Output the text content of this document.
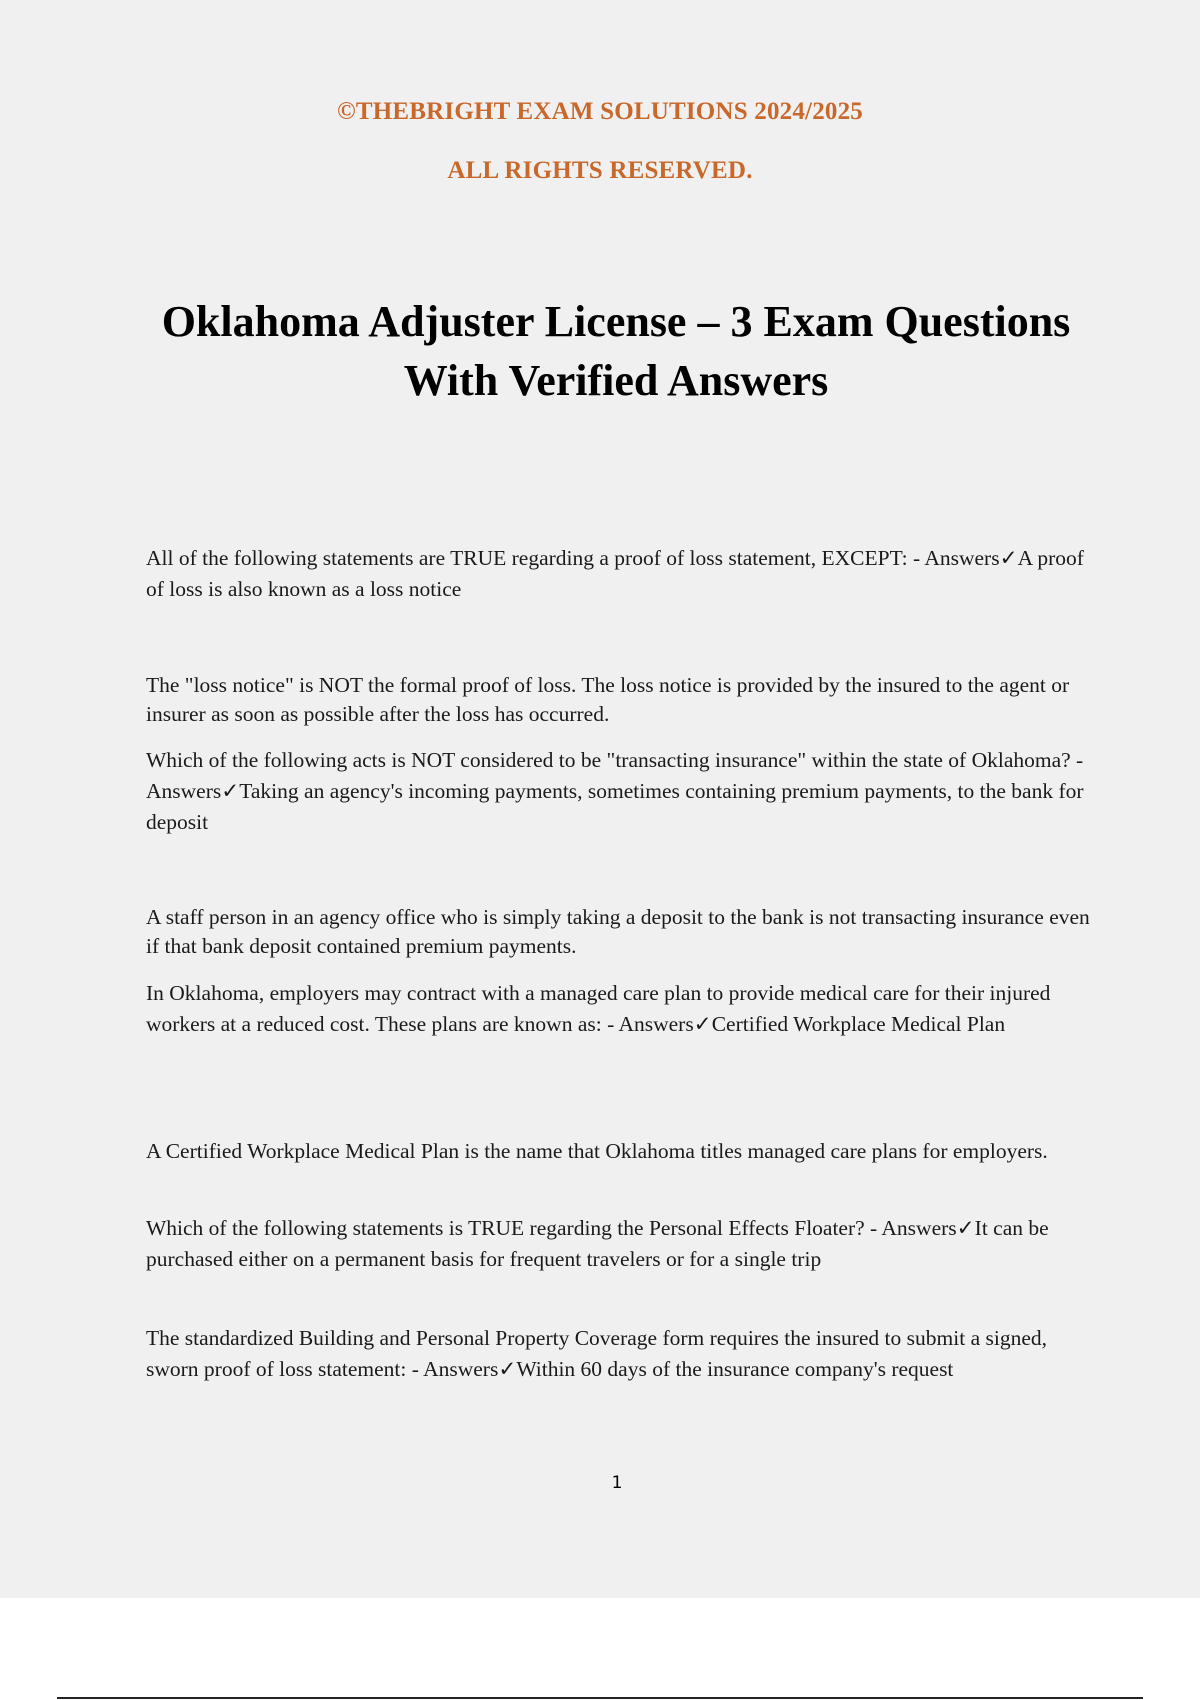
©THEBRIGHT EXAM SOLUTIONS 2024/2025
ALL RIGHTS RESERVED.
Oklahoma Adjuster License – 3 Exam Questions With Verified Answers

All of the following statements are TRUE regarding a proof of loss statement, EXCEPT: - Answers✓A proof of loss is also known as a loss notice

The "loss notice" is NOT the formal proof of loss. The loss notice is provided by the insured to the agent or insurer as soon as possible after the loss has occurred.

Which of the following acts is NOT considered to be "transacting insurance" within the state of Oklahoma? - Answers✓Taking an agency's incoming payments, sometimes containing premium payments, to the bank for deposit

A staff person in an agency office who is simply taking a deposit to the bank is not transacting insurance even if that bank deposit contained premium payments.

In Oklahoma, employers may contract with a managed care plan to provide medical care for their injured workers at a reduced cost. These plans are known as: - Answers✓Certified Workplace Medical Plan

A Certified Workplace Medical Plan is the name that Oklahoma titles managed care plans for employers.

Which of the following statements is TRUE regarding the Personal Effects Floater? - Answers✓It can be purchased either on a permanent basis for frequent travelers or for a single trip

The standardized Building and Personal Property Coverage form requires the insured to submit a signed, sworn proof of loss statement: - Answers✓Within 60 days of the insurance company's request

1
